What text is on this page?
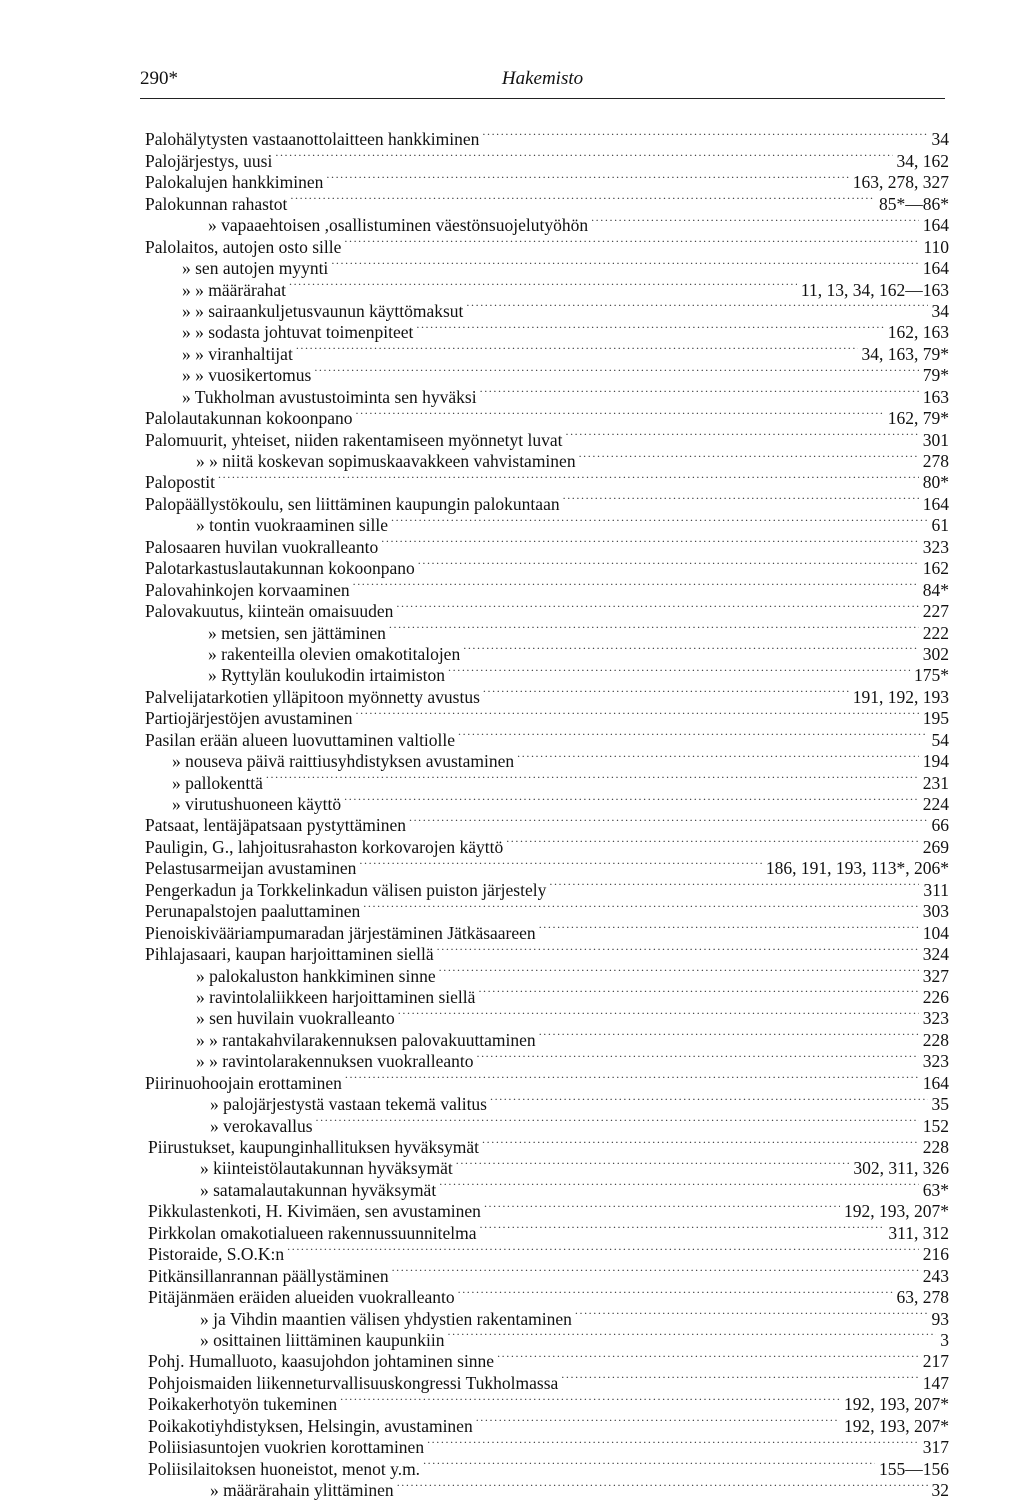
290*	Hakemisto
Palohälytysten vastaanottolaitteen hankkiminen .....	34
Palojärjestys, uusi .....	34, 162
Palokalujen hankkiminen .....	163, 278, 327
Palokunnan rahastot .....	85*—86*
» vapaaehtoisen ,osallistuminen väestönsuojelutyöhön .....	164
Palolaitos, autojen osto sille .....	110
» sen autojen myynti .....	164
» » määrärahat .....	11, 13, 34, 162—163
» » sairaankuljetusvaunun käyttömaksut .....	34
» » sodasta johtuvat toimenpiteet .....	162, 163
» » viranhaltijat .....	34, 163, 79*
» » vuosikertomus .....	79*
» Tukholman avustustoiminta sen hyväksi .....	163
Palolautakunnan kokoonpano .....	162, 79*
Palomuurit, yhteiset, niiden rakentamiseen myönnetyt luvat .....	301
» » niitä koskevan sopimuskaavakkeen vahvistaminen .....	278
Palopostit .....	80*
Palopäällystökoulu, sen liittäminen kaupungin palokuntaan .....	164
» tontin vuokraaminen sille .....	61
Palosaaren huvilan vuokralleanto .....	323
Palotarkastuslautakunnan kokoonpano .....	162
Palovahinkojen korvaaminen .....	84*
Palovakuutus, kiinteän omaisuuden .....	227
» metsien, sen jättäminen .....	222
» rakenteilla olevien omakotitalojen .....	302
» Ryttylän koulukodin irtaimiston .....	175*
Palvelijatarkotien ylläpitoon myönnetty avustus .....	191, 192, 193
Partiojärjestöjen avustaminen .....	195
Pasilan erään alueen luovuttaminen valtiolle .....	54
» nouseva päivä raittiusyhdistyksen avustaminen .....	194
» pallokenttä .....	231
» virutushuoneen käyttö .....	224
Patsaat, lentäjäpatsaan pystyttäminen .....	66
Pauligin, G., lahjoitusrahaston korkovarojen käyttö .....	269
Pelastusarmeijan avustaminen .....	186, 191, 193, 113*, 206*
Pengerkadun ja Torkkelinkadun välisen puiston järjestely .....	311
Perunapalstojen paaluttaminen .....	303
Pienoiskivääriampumaradan järjestäminen Jätkäsaareen .....	104
Pihlajasaari, kaupan harjoittaminen siellä .....	324
» palokaluston hankkiminen sinne .....	327
» ravintolaliikkeen harjoittaminen siellä .....	226
» sen huvilain vuokralleanto .....	323
» » rantakahvilarakennuksen palovakuuttaminen .....	228
» » ravintolarakennuksen vuokralleanto .....	323
Piirinuohoojain erottaminen .....	164
» palojärjestystä vastaan tekemä valitus .....	35
» verokavallus .....	152
Piirustukset, kaupunginhallituksen hyväksymät .....	228
» kiinteistölautakunnan hyväksymät .....	302, 311, 326
» satamalautakunnan hyväksymät .....	63*
Pikkulastenkoti, H. Kivimäen, sen avustaminen .....	192, 193, 207*
Pirkkolan omakotialueen rakennussuunnitelma .....	311, 312
Pistoraide, S.O.K:n .....	216
Pitkänsillanrannan päällystäminen .....	243
Pitäjänmäen eräiden alueiden vuokralleanto .....	63, 278
» ja Vihdin maantien välisen yhdystien rakentaminen .....	93
» osittainen liittäminen kaupunkiin .....	3
Pohj. Humalluoto, kaasujohdon johtaminen sinne .....	217
Pohjoismaiden liikenneturvallisuuskongressi Tukholmassa .....	147
Poikakerhotyön tukeminen .....	192, 193, 207*
Poikakotiyhdistyksen, Helsingin, avustaminen .....	192, 193, 207*
Poliisiasuntojen vuokrien korottaminen .....	317
Poliisilaitoksen huoneistot, menot y.m. .....	155—156
» määrärahain ylittäminen .....	32
